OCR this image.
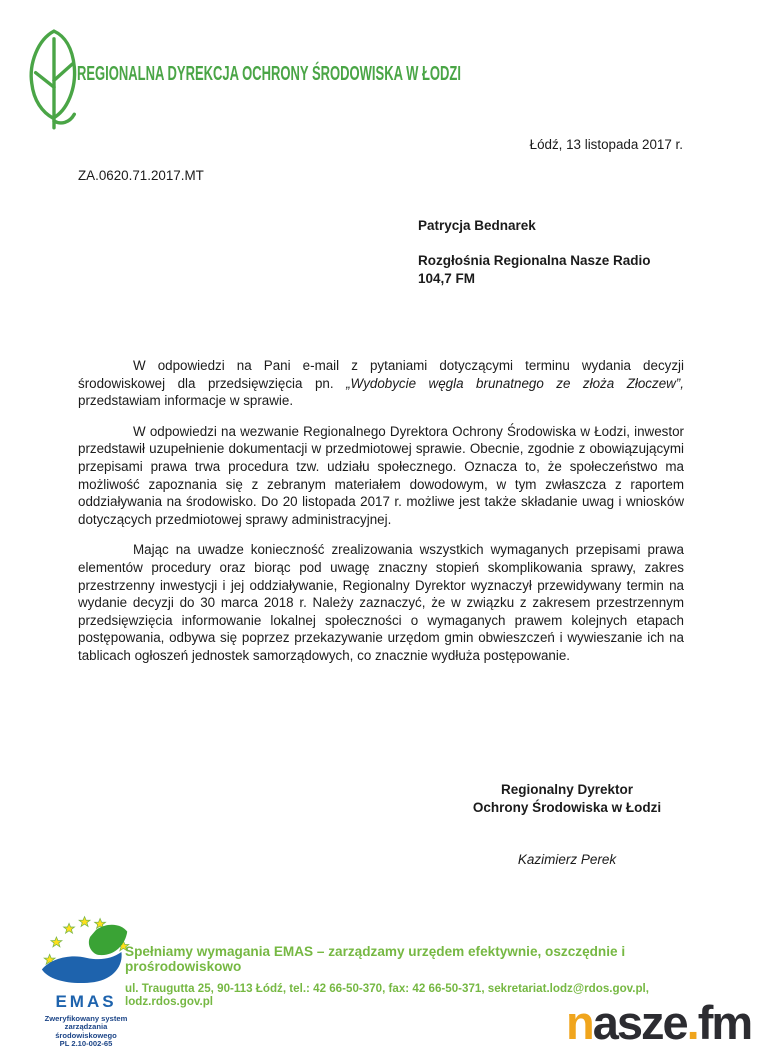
REGIONALNA DYREKCJA OCHRONY ŚRODOWISKA W ŁODZI
Łódź, 13 listopada 2017 r.
ZA.0620.71.2017.MT
Patrycja Bednarek
Rozgłośnia Regionalna Nasze Radio
104,7 FM

W odpowiedzi na Pani e-mail z pytaniami dotyczącymi terminu wydania decyzji środowiskowej dla przedsięwzięcia pn. „Wydobycie węgla brunatnego ze złoża Złoczew”, przedstawiam informacje w sprawie.

W odpowiedzi na wezwanie Regionalnego Dyrektora Ochrony Środowiska w Łodzi, inwestor przedstawił uzupełnienie dokumentacji w przedmiotowej sprawie. Obecnie, zgodnie z obowiązującymi przepisami prawa trwa procedura tzw. udziału społecznego. Oznacza to, że społeczeństwo ma możliwość zapoznania się z zebranym materiałem dowodowym, w tym zwłaszcza z raportem oddziaływania na środowisko. Do 20 listopada 2017 r. możliwe jest także składanie uwag i wniosków dotyczących przedmiotowej sprawy administracyjnej.

Mając na uwadze konieczność zrealizowania wszystkich wymaganych przepisami prawa elementów procedury oraz biorąc pod uwagę znaczny stopień skomplikowania sprawy, zakres przestrzenny inwestycji i jej oddziaływanie, Regionalny Dyrektor wyznaczył przewidywany termin na wydanie decyzji do 30 marca 2018 r. Należy zaznaczyć, że w związku z zakresem przestrzennym przedsięwzięcia informowanie lokalnej społeczności o wymaganych prawem kolejnych etapach postępowania, odbywa się poprzez przekazywanie urzędom gmin obwieszczeń i wywieszanie ich na tablicach ogłoszeń jednostek samorządowych, co znacznie wydłuża postępowanie.

Regionalny Dyrektor
Ochrony Środowiska w Łodzi
Kazimierz Perek
EMAS
Zweryfikowany system
zarządzania
środowiskowego
PL 2.10-002-65
Spełniamy wymagania EMAS – zarządzamy urzędem efektywnie, oszczędnie i prośrodowiskowo
ul. Traugutta 25, 90-113 Łódź, tel.: 42 66-50-370, fax: 42 66-50-371, sekretariat.lodz@rdos.gov.pl, lodz.rdos.gov.pl	nasze.fm
